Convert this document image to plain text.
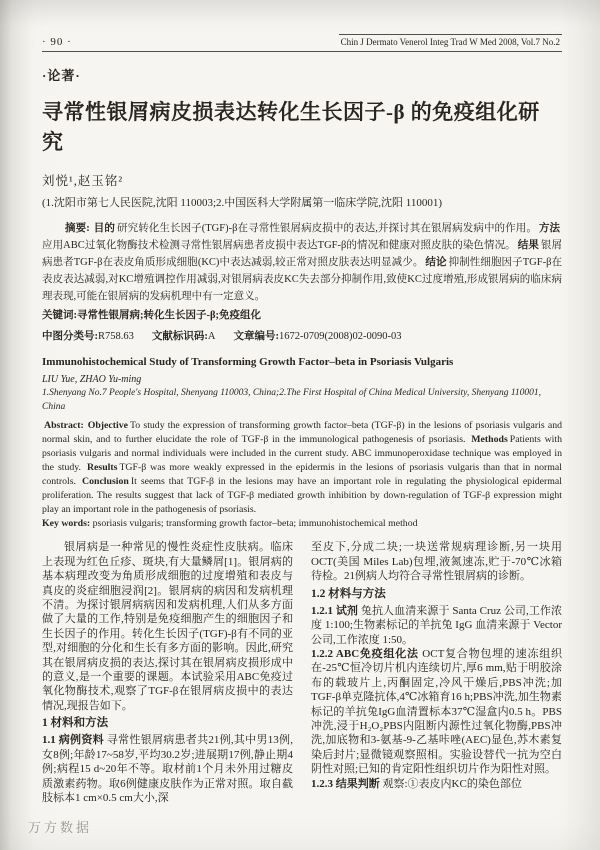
· 90 ·	Chin J Dermato Venerol Integ Trad W Med 2008, Vol.7 No.2
·论著·
寻常性银屑病皮损表达转化生长因子-β 的免疫组化研究
刘悦¹,赵玉铭²
(1.沈阳市第七人民医院,沈阳 110003;2.中国医科大学附属第一临床学院,沈阳 110001)

摘要: 目的 研究转化生长因子(TGF)-β在寻常性银屑病皮损中的表达,并探讨其在银屑病发病中的作用。 方法应用ABC过氧化物酶技术检测寻常性银屑病患者皮损中表达TGF-β的情况和健康对照皮肤的染色情况。 结果 银屑病患者TGF-β在表皮角质形成细胞(KC)中表达减弱,较正常对照皮肤表达明显减少。 结论 抑制性细胞因子TGF-β在表皮表达减弱,对KC增殖调控作用减弱,对银屑病表皮KC失去部分抑制作用,致使KC过度增殖,形成银屑病的临床病理表现,可能在银屑病的发病机理中有一定意义。

关键词:寻常性银屑病;转化生长因子-β;免疫组化

中图分类号:R758.63 文献标识码:A 文章编号:1672-0709(2008)02-0090-03

Immunohistochemical Study of Transforming Growth Factor–beta in Psoriasis Vulgaris
LIU Yue, ZHAO Yu-ming
1.Shenyang No.7 People's Hospital, Shenyang 110003, China;2.The First Hospital of China Medical University, Shenyang 110001, China

Abstract: Objective To study the expression of transforming growth factor–beta (TGF-β) in the lesions of psoriasis vulgaris and normal skin, and to further elucidate the role of TGF-β in the immunological pathogenesis of psoriasis. Methods Patients with psoriasis vulgaris and normal individuals were included in the current study. ABC immunoperoxidase technique was employed in the study. Results TGF-β was more weakly expressed in the epidermis in the lesions of psoriasis vulgaris than that in normal controls. Conclusion It seems that TGF-β in the lesions may have an important role in regulating the physiological epidermal proliferation. The results suggest that lack of TGF-β mediated growth inhibition by down-regulation of TGF-β expression might play an important role in the pathogenesis of psoriasis.

Key words: psoriasis vulgaris; transforming growth factor–beta; immunohistochemical method

银屑病是一种常见的慢性炎症性皮肤病。临床上表现为红色丘疹、斑块,有大量鳞屑[1]。银屑病的基本病理改变为角质形成细胞的过度增殖和表皮与真皮的炎症细胞浸润[2]。银屑病的病因和发病机理不清。为探讨银屑病病因和发病机理,人们从多方面做了大量的工作,特别是免疫细胞产生的细胞因子和生长因子的作用。转化生长因子(TGF)-β有不同的亚型,对细胞的分化和生长有多方面的影响。因此,研究其在银屑病皮损的表达,探讨其在银屑病皮损形成中的意义,是一个重要的课题。本试验采用ABC免疫过氧化物酶技术,观察了TGF-β在银屑病皮损中的表达情况,现报告如下。

1 材料和方法

1.1 病例资料 寻常性银屑病患者共21例,其中男13例,女8例;年龄17~58岁,平均30.2岁;进展期17例,静止期4例;病程15 d~20年不等。取材前1个月未外用过糖皮质激素药物。取6例健康皮肤作为正常对照。取自截肢标本1 cm×0.5 cm大小,深

至皮下,分成二块;一块送常规病理诊断,另一块用OCT(美国 Miles Lab)包埋,液氮速冻,贮于-70℃冰箱待检。21例病人均符合寻常性银屑病的诊断。

1.2 材料与方法

1.2.1 试剂 兔抗人血清来源于 Santa Cruz 公司,工作浓度 1:100;生物素标记的羊抗兔 IgG 血清来源于 Vector 公司,工作浓度 1:50。

1.2.2 ABC免疫组化法 OCT复合物包埋的速冻组织在-25℃恒冷切片机内连续切片,厚6 mm,贴于明胶涂布的载玻片上,丙酮固定,冷风干燥后,PBS冲洗;加TGF-β单克隆抗体,4℃冰箱育16 h;PBS冲洗,加生物素标记的羊抗兔IgG血清置标本37℃湿盒内0.5 h。PBS冲洗,浸于H₂O₂PBS内阻断内源性过氧化物酶,PBS冲洗,加底物和3-氨基-9-乙基咔唑(AEC)显色,苏木素复染后封片;显微镜观察照相。实验设替代一抗为空白阴性对照;已知的肯定阳性组织切片作为阳性对照。

1.2.3 结果判断 观察:①表皮内KC的染色部位

万方数据
